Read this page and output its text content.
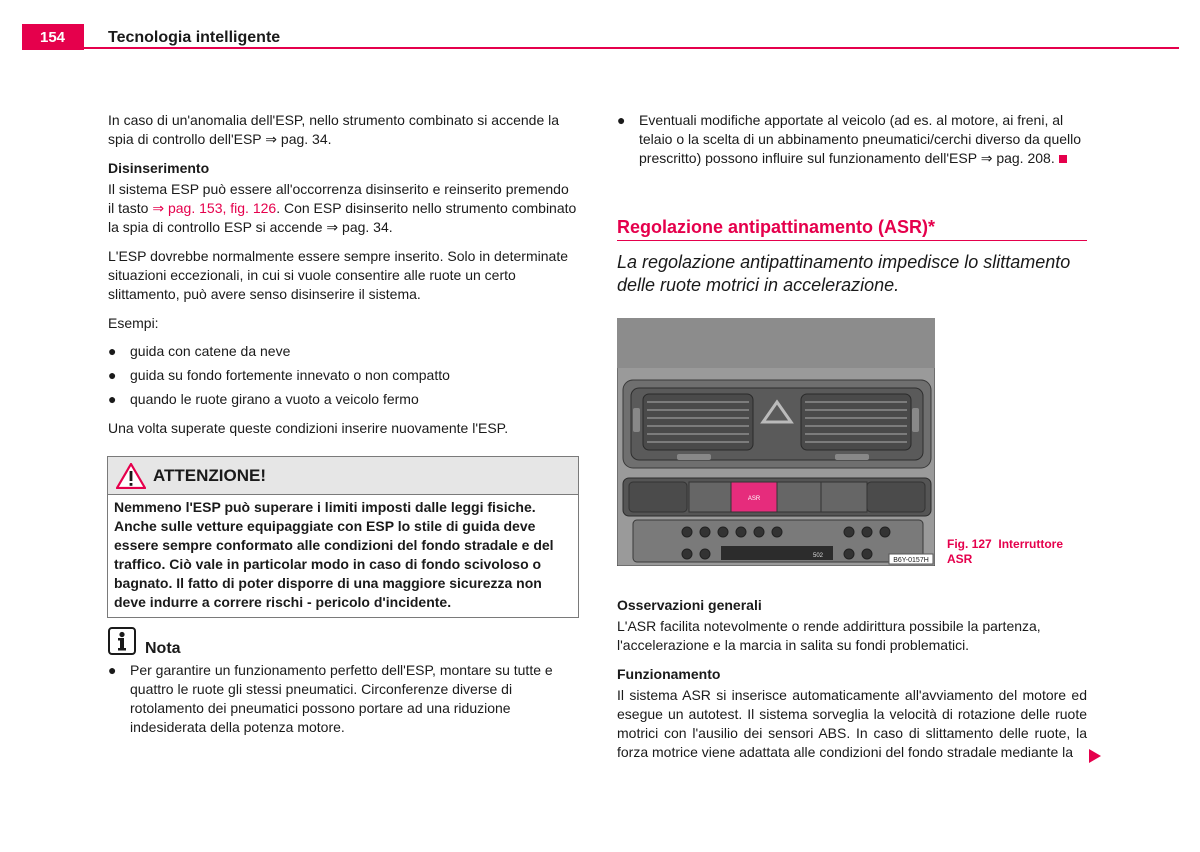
154	Tecnologia intelligente

In caso di un'anomalia dell'ESP, nello strumento combinato si accende la spia di controllo dell'ESP ⇒ pag. 34.

Disinserimento

Il sistema ESP può essere all'occorrenza disinserito e reinserito premendo il tasto ⇒ pag. 153, fig. 126. Con ESP disinserito nello strumento combinato la spia di controllo ESP si accende ⇒ pag. 34.

L'ESP dovrebbe normalmente essere sempre inserito. Solo in determinate situazioni eccezionali, in cui si vuole consentire alle ruote un certo slittamento, può avere senso disinserire il sistema.

Esempi:

● guida con catene da neve
● guida su fondo fortemente innevato o non compatto
● quando le ruote girano a vuoto a veicolo fermo

Una volta superate queste condizioni inserire nuovamente l'ESP.

ATTENZIONE!
Nemmeno l'ESP può superare i limiti imposti dalle leggi fisiche. Anche sulle vetture equipaggiate con ESP lo stile di guida deve essere sempre conformato alle condizioni del fondo stradale e del traffico. Ciò vale in particolar modo in caso di fondo scivoloso o bagnato. Il fatto di poter disporre di una maggiore sicurezza non deve indurre a correre rischi - pericolo d'incidente.
Nota
● Per garantire un funzionamento perfetto dell'ESP, montare su tutte e quattro le ruote gli stessi pneumatici. Circonferenze diverse di rotolamento dei pneumatici possono portare ad una riduzione indesiderata della potenza motore.
● Eventuali modifiche apportate al veicolo (ad es. al motore, ai freni, al telaio o la scelta di un abbinamento pneumatici/cerchi diverso da quello prescritto) possono influire sul funzionamento dell'ESP ⇒ pag. 208.
Regolazione antipattinamento (ASR)*
La regolazione antipattinamento impedisce lo slittamento delle ruote motrici in accelerazione.
ASR
502
B6Y-0157H
Fig. 127 Interruttore ASR

Osservazioni generali

L'ASR facilita notevolmente o rende addirittura possibile la partenza, l'accelerazione e la marcia in salita su fondi problematici.

Funzionamento

Il sistema ASR si inserisce automaticamente all'avviamento del motore ed esegue un autotest. Il sistema sorveglia la velocità di rotazione delle ruote motrici con l'ausilio dei sensori ABS. In caso di slittamento delle ruote, la forza motrice viene adattata alle condizioni del fondo stradale mediante la
